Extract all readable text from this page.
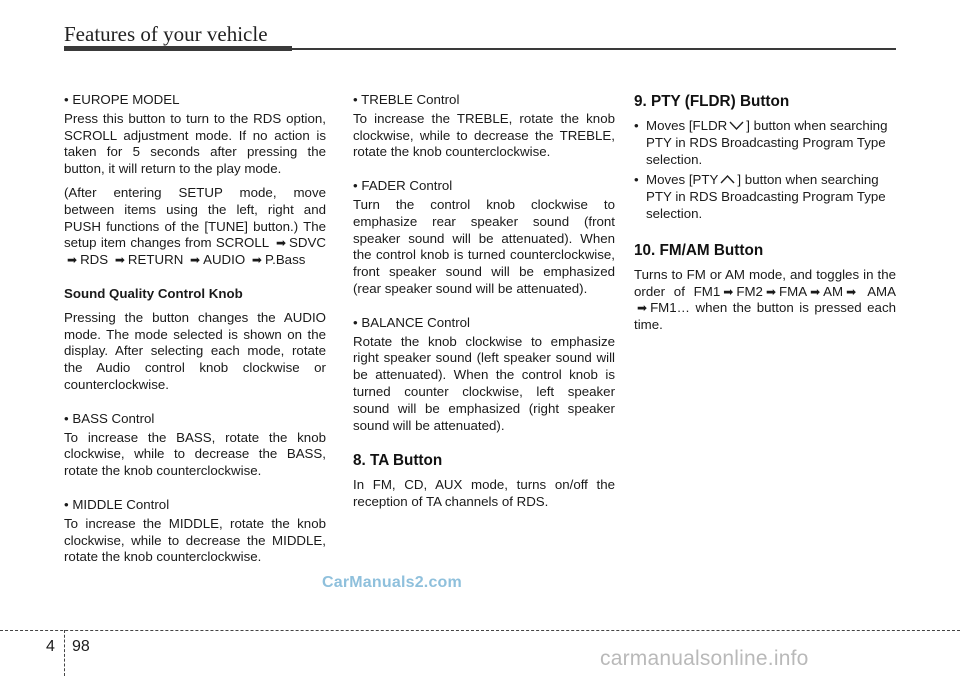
Features of your vehicle

• EUROPE MODEL

Press this button to turn to the RDS option, SCROLL adjustment mode. If no action is taken for 5 seconds after pressing the button, it will return to the play mode.

(After entering SETUP mode, move between items using the left, right and PUSH functions of the [TUNE] button.) The setup item changes from SCROLL ➡ SDVC ➡ RDS ➡ RETURN ➡ AUDIO ➡ P.Bass

Sound Quality Control Knob

Pressing the button changes the AUDIO mode. The mode selected is shown on the display. After selecting each mode, rotate the Audio control knob clockwise or counterclockwise.

• BASS Control

To increase the BASS, rotate the knob clockwise, while to decrease the BASS, rotate the knob counterclockwise.

• MIDDLE Control

To increase the MIDDLE, rotate the knob clockwise, while to decrease the MIDDLE, rotate the knob counterclockwise.

• TREBLE Control

To increase the TREBLE, rotate the knob clockwise, while to decrease the TREBLE, rotate the knob counterclockwise.

• FADER Control

Turn the control knob clockwise to emphasize rear speaker sound (front speaker sound will be attenuated). When the control knob is turned counterclockwise, front speaker sound will be emphasized (rear speaker sound will be attenuated).

• BALANCE Control

Rotate the knob clockwise to emphasize right speaker sound (left speaker sound will be attenuated). When the control knob is turned counter clockwise, left speaker sound will be emphasized (right speaker sound will be attenuated).

8. TA Button

In FM, CD, AUX mode, turns on/off the reception of TA channels of RDS.

9. PTY (FLDR) Button

•
Moves [FLDR ] button when searching PTY in RDS Broadcasting Program Type selection.
•
Moves [PTY ] button when searching PTY in RDS Broadcasting Program Type selection.

10. FM/AM Button

Turns to FM or AM mode, and toggles in the order of FM1 ➡ FM2 ➡ FMA ➡ AM ➡ AMA➡ FM1… when the button is pressed each time.

CarManuals2.com
4 98
carmanualsonline.info
